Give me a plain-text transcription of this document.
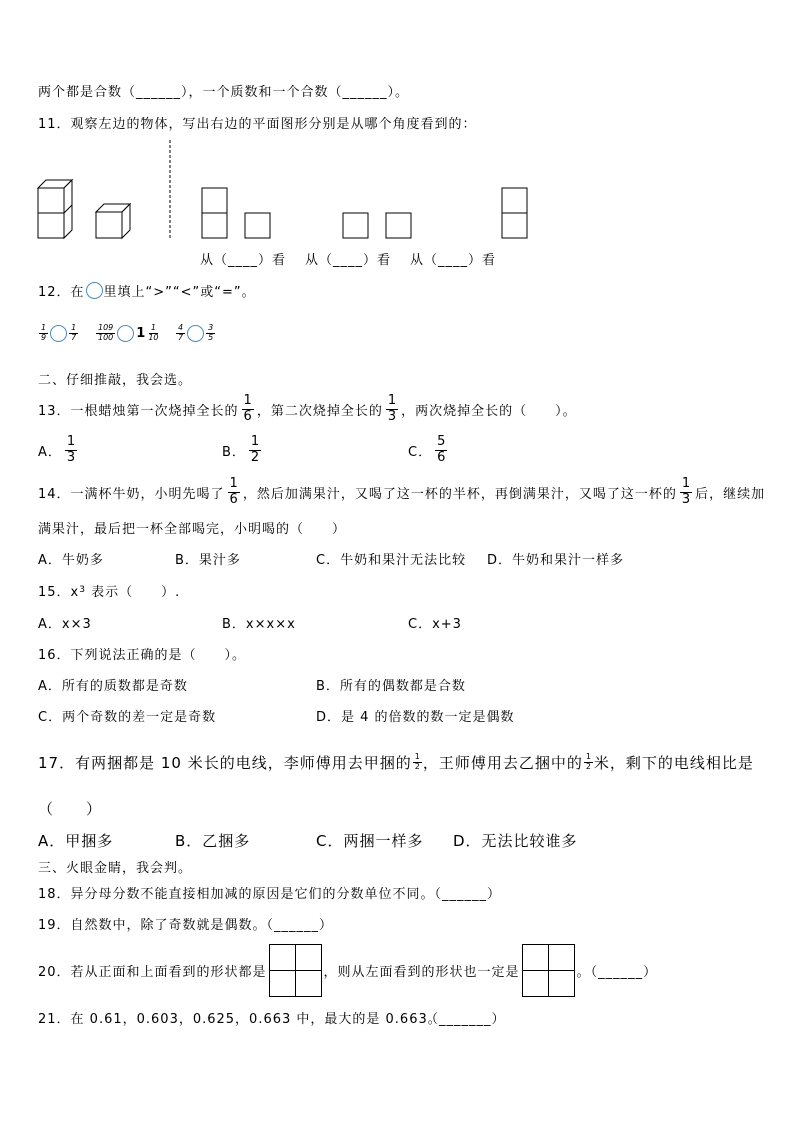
两个都是合数（______），一个质数和一个合数（______）。
11．观察左边的物体，写出右边的平面图形分别是从哪个角度看到的：
从（____）看 从（____）看 从（____）看
12．在 里填上“>”“<”或“=”。
$\frac{1}{9}$	$\frac{1}{7} \frac{109}{100} 1 \frac{1}{10} \frac{4}{7}$	$\frac{3}{5}$
二、仔细推敲，我会选。
13．一根蜡烛第一次烧掉全长的 $\frac{1}{6}$ ，第二次烧掉全长的 $\frac{1}{3}$ ，两次烧掉全长的（　　）。
A． $\frac{1}{3}$	B． $\frac{1}{2}$	C． $\frac{5}{6}$
14．一满杯牛奶，小明先喝了 $\frac{1}{6}$ ，然后加满果汁，又喝了这一杯的半杯，再倒满果汁，又喝了这一杯的 $\frac{1}{3}$ 后，继续加
满果汁，最后把一杯全部喝完，小明喝的（　　）
A．牛奶多	B．果汁多	C．牛奶和果汁无法比较 D．牛奶和果汁一样多
15．x 3 表示（　　）.
A．x×3	B．x×x×x	C．x+3
16．下列说法正确的是（　　）。
A．所有的质数都是奇数	B．所有的偶数都是合数
C．两个奇数的差一定是奇数	D．是 4 的倍数的数一定是偶数
17．有两捆都是 10 米长的电线，李师傅用去甲捆的 $\frac{1}{2}$ ，王师傅用去乙捆中的 $\frac{1}{2}$ 米，剩下的电线相比是
（　　）
A．甲捆多	B．乙捆多	C．两捆一样多 D．无法比较谁多
三、火眼金睛，我会判。
18．异分母分数不能直接相加减的原因是它们的分数单位不同。（______）
19．自然数中，除了奇数就是偶数。（______）
20．若从正面和上面看到的形状都是	，则从左面看到的形状也一定是	。（______）
21．在 0.61，0.603，0.625，0.663 中，最大的是 0.663。
（_______）
